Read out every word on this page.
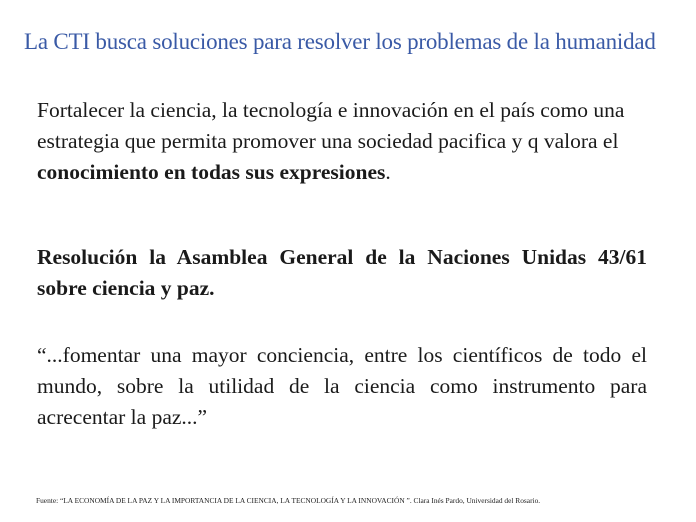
La CTI busca soluciones para resolver los problemas de la humanidad
Fortalecer la ciencia, la tecnología e innovación en el país como una estrategia que permita promover una sociedad pacifica y q valora el conocimiento en todas sus expresiones.
Resolución la Asamblea General de la Naciones Unidas 43/61 sobre ciencia y paz.
“...fomentar una mayor conciencia, entre los científicos de todo el mundo, sobre la utilidad de la ciencia como instrumento para acrecentar la paz...”
Fuente: “LA ECONOMÍA DE LA PAZ Y LA IMPORTANCIA DE LA CIENCIA, LA TECNOLOGÍA Y LA INNOVACIÓN ”. Clara Inés Pardo, Universidad del Rosario.
